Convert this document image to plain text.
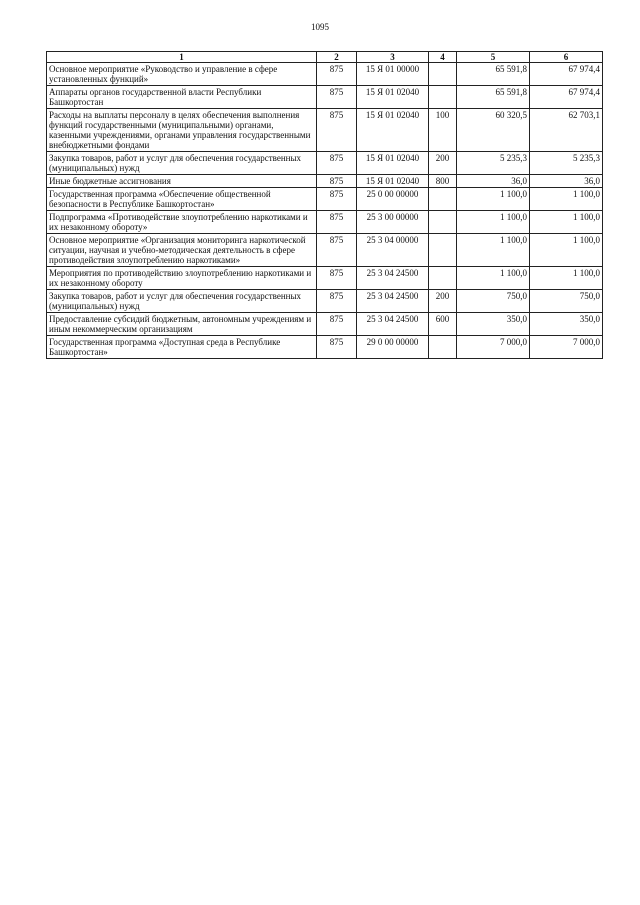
1095
1	2	3	4	5	6
Основное мероприятие «Руководство и управление в сфере установленных функций»	875	15 Я 01 00000		65 591,8	67 974,4
Аппараты органов государственной власти Республики Башкортостан	875	15 Я 01 02040		65 591,8	67 974,4
Расходы на выплаты персоналу в целях обеспечения выполнения функций государственными (муниципальными) органами, казенными учреждениями, органами управления государственными внебюджетными фондами	875	15 Я 01 02040	100	60 320,5	62 703,1
Закупка товаров, работ и услуг для обеспечения государственных (муниципальных) нужд	875	15 Я 01 02040	200	5 235,3	5 235,3
Иные бюджетные ассигнования	875	15 Я 01 02040	800	36,0	36,0
Государственная программа «Обеспечение общественной безопасности в Республике Башкортостан»	875	25 0 00 00000		1 100,0	1 100,0
Подпрограмма «Противодействие злоупотреблению наркотиками и их незаконному обороту»	875	25 3 00 00000		1 100,0	1 100,0
Основное мероприятие «Организация мониторинга наркотической ситуации, научная и учебно-методическая деятельность в сфере противодействия злоупотреблению наркотиками»	875	25 3 04 00000		1 100,0	1 100,0
Мероприятия по противодействию злоупотреблению наркотиками и их незаконному обороту	875	25 3 04 24500		1 100,0	1 100,0
Закупка товаров, работ и услуг для обеспечения государственных (муниципальных) нужд	875	25 3 04 24500	200	750,0	750,0
Предоставление субсидий бюджетным, автономным учреждениям и иным некоммерческим организациям	875	25 3 04 24500	600	350,0	350,0
Государственная программа «Доступная среда в Республике Башкортостан»	875	29 0 00 00000		7 000,0	7 000,0
